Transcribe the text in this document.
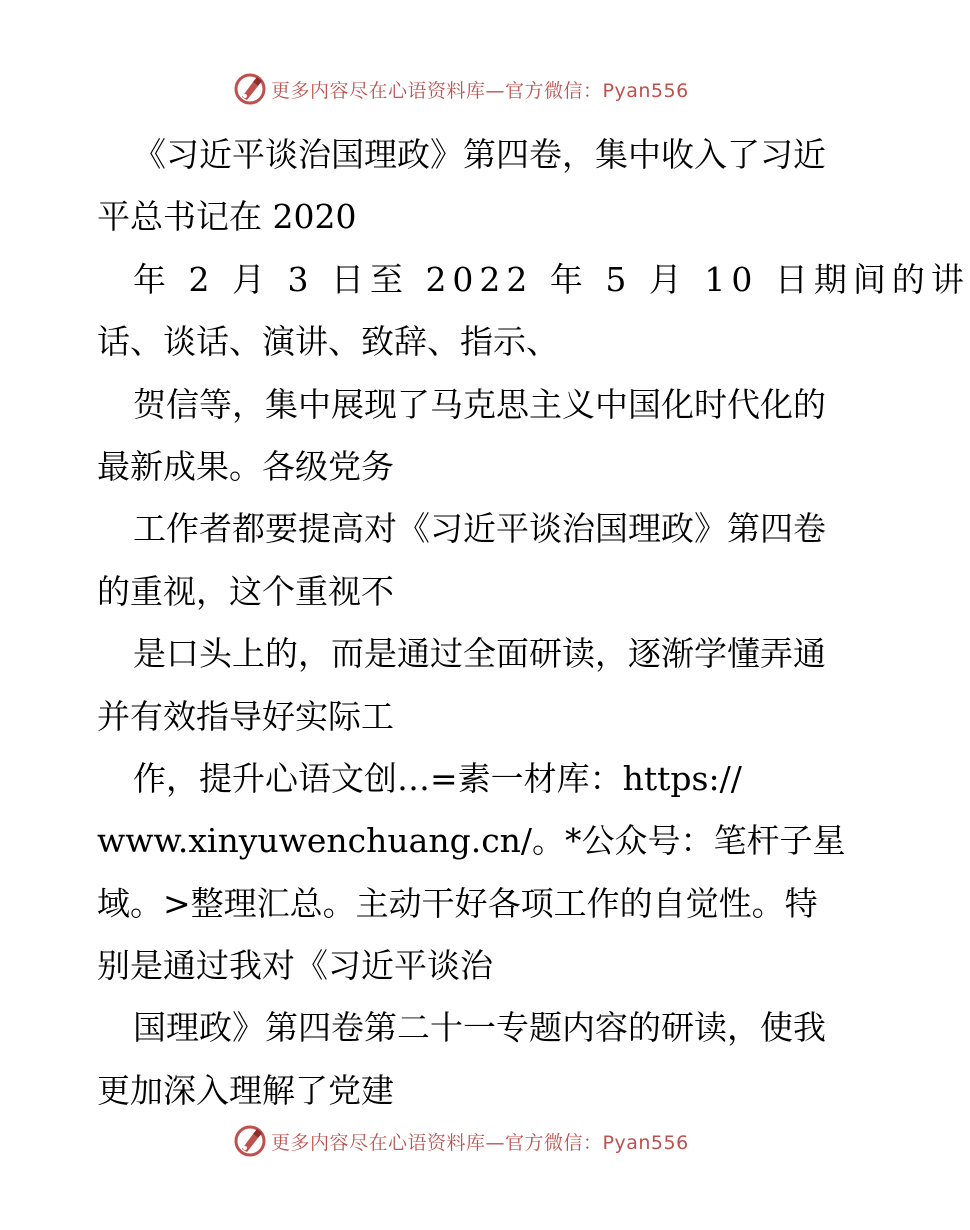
更多内容尽在心语资料库—官方微信：Pyan556
《习近平谈治国理政》第四卷，集中收入了习近
平总书记在 2020
年 2 月 3 日至 2022 年 5 月 10 日期间的讲
话、谈话、演讲、致辞、指示、
贺信等，集中展现了马克思主义中国化时代化的
最新成果。各级党务
工作者都要提高对《习近平谈治国理政》第四卷
的重视，这个重视不
是口头上的，而是通过全面研读，逐渐学懂弄通
并有效指导好实际工
作，提升心语文创…=素一材库：https://
www.xinyuwenchuang.cn/。*公众号：笔杆子星
域。>整理汇总。主动干好各项工作的自觉性。特
别是通过我对《习近平谈治
国理政》第四卷第二十一专题内容的研读，使我
更加深入理解了党建
更多内容尽在心语资料库—官方微信：Pyan556
